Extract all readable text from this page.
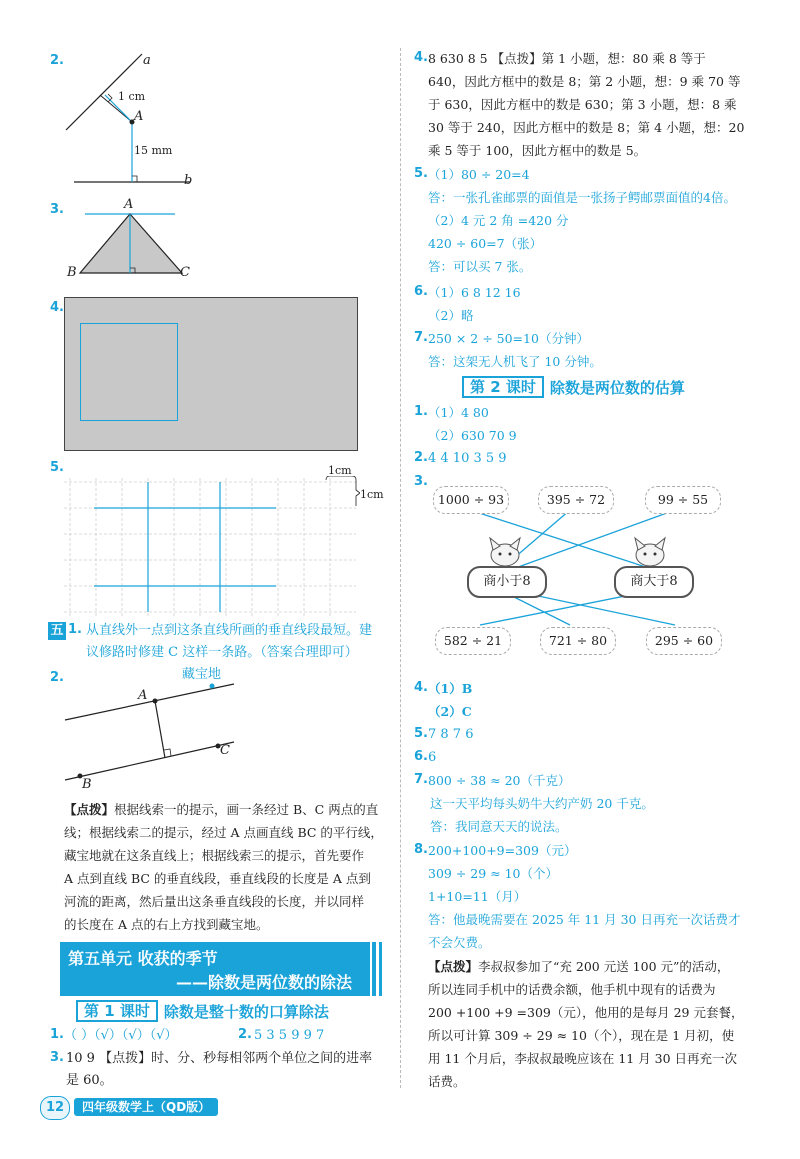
2.	a
b
A
1 cm
15 mm
3.	A
B	C
4.
5.	1cm
1cm
五 1. 从直线外一点到这条直线所画的垂直线段最短。建
议修路时修建 C 这样一条路。（答案合理即可）
2.	藏宝地
A
B
C
【点拨】根据线索一的提示，画一条经过 B、C 两点的直
线；根据线索二的提示，经过 A 点画直线 BC 的平行线，
藏宝地就在这条直线上；根据线索三的提示，首先要作
A 点到直线 BC 的垂直线段，垂直线段的长度是 A 点到
河流的距离，然后量出这条垂直线段的长度，并以同样
的长度在 A 点的右上方找到藏宝地。
第五单元 收获的季节
——除数是两位数的除法
第 1 课时 除数是整十数的口算除法
1. （ ）（√）（√）（√）	2. 5 3 5 9 9 7
3. 10 9 【点拨】时、分、秒每相邻两个单位之间的进率
是 60。
12	四年级数学上（QD版）
4. 8 630 8 5 【点拨】第 1 小题，想：80 乘 8 等于
640，因此方框中的数是 8；第 2 小题，想：9 乘 70 等
于 630，因此方框中的数是 630；第 3 小题，想：8 乘
30 等于 240，因此方框中的数是 8；第 4 小题，想：20
乘 5 等于 100，因此方框中的数是 5。
5. （1）80 ÷ 20=4
答：一张孔雀邮票的面值是一张扬子鳄邮票面值的4倍。
（2）4 元 2 角 =420 分
420 ÷ 60=7（张）
答：可以买 7 张。
6. （1）6 8 12 16
（2）略
7. 250 × 2 ÷ 50=10（分钟）
答：这架无人机飞了 10 分钟。
第 2 课时 除数是两位数的估算
1. （1）4 80
（2）630 70 9
2. 4 4 10 3 5 9
3.
1000 ÷ 93	395 ÷ 72	99 ÷ 55
商小于8	商大于8
582 ÷ 21	721 ÷ 80	295 ÷ 60
4. （1）B
（2）C
5. 7 8 7 6
6. 6
7. 800 ÷ 38 ≈ 20（千克）
这一天平均每头奶牛大约产奶 20 千克。
答：我同意天天的说法。
8. 200+100+9=309（元）
309 ÷ 29 ≈ 10（个）
1+10=11（月）
答：他最晚需要在 2025 年 11 月 30 日再充一次话费才
不会欠费。
【点拨】李叔叔参加了“充 200 元送 100 元”的活动，
所以连同手机中的话费余额，他手机中现有的话费为
200 +100 +9 =309（元），他用的是每月 29 元套餐，
所以可计算 309 ÷ 29 ≈ 10（个），现在是 1 月初，使
用 11 个月后，李叔叔最晚应该在 11 月 30 日再充一次
话费。
